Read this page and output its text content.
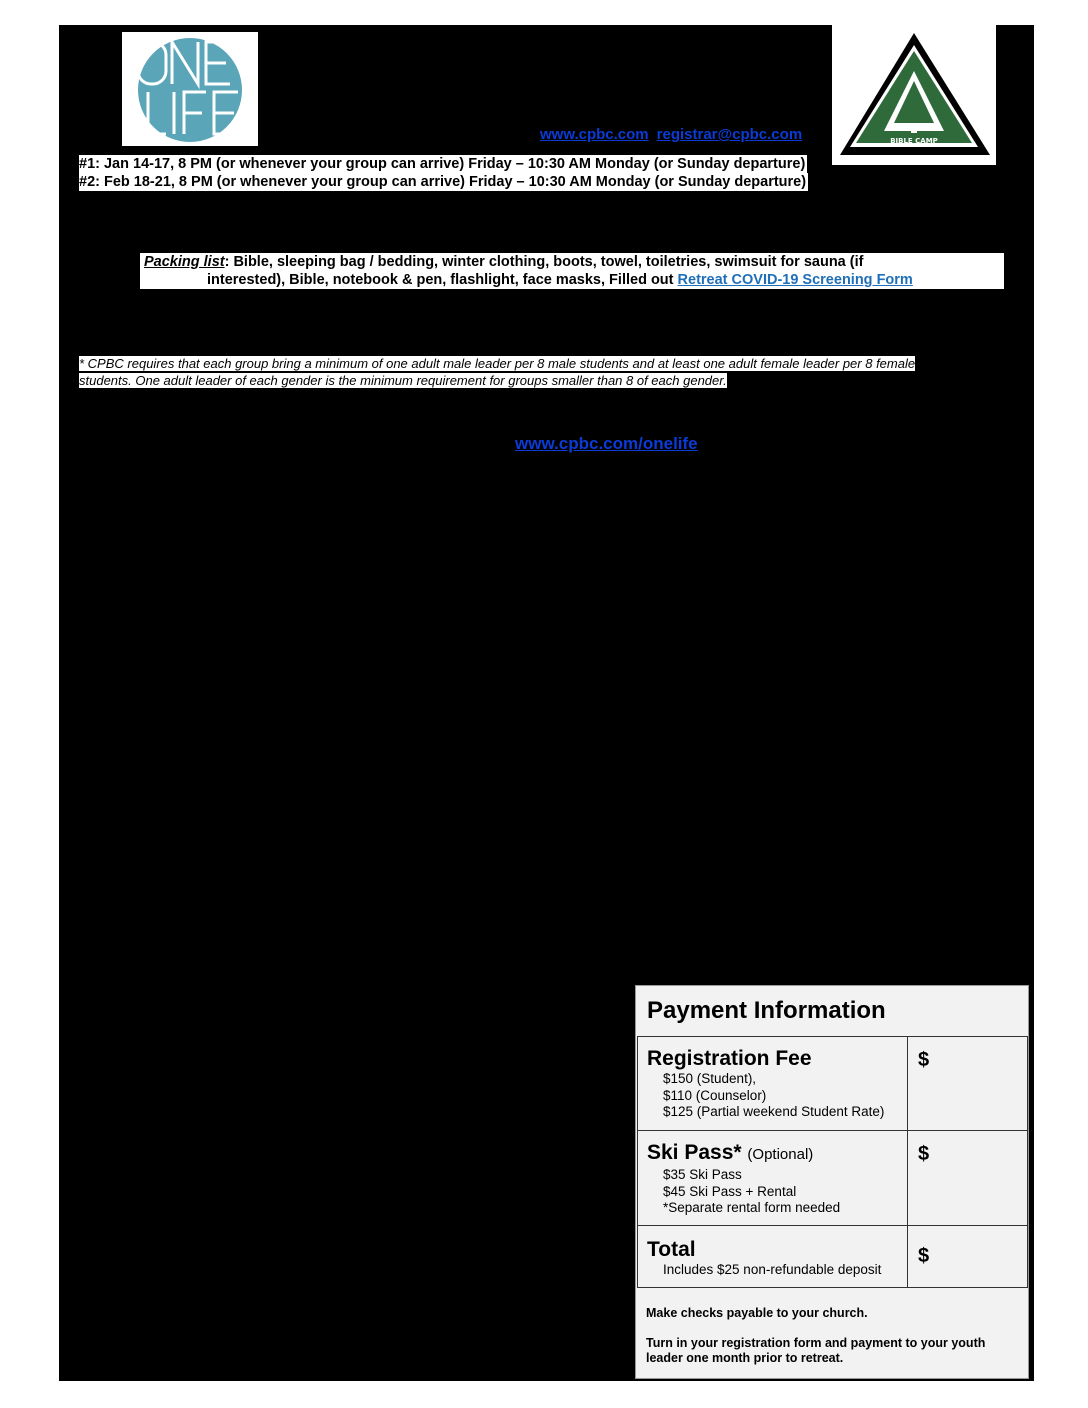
BIBLE CAMP
www.cpbc.com registrar@cpbc.com
#1: Jan 14-17, 8 PM (or whenever your group can arrive) Friday – 10:30 AM Monday (or Sunday departure)
#2: Feb 18-21, 8 PM (or whenever your group can arrive) Friday – 10:30 AM Monday (or Sunday departure)
Packing list: Bible, sleeping bag / bedding, winter clothing, boots, towel, toiletries, swimsuit for sauna (if
interested), Bible, notebook & pen, flashlight, face masks, Filled out Retreat COVID-19 Screening Form
* CPBC requires that each group bring a minimum of one adult male leader per 8 male students and at least one adult female leader per 8 female
students. One adult leader of each gender is the minimum requirement for groups smaller than 8 of each gender.
www.cpbc.com/onelife
Payment Information
Registration Fee
$150 (Student),
$110 (Counselor)
$125 (Partial weekend Student Rate)	$

Ski Pass* (Optional)
$35 Ski Pass
$45 Ski Pass + Rental
*Separate rental form needed	$

Total
Includes $25 non-refundable deposit	$

Make checks payable to your church.

Turn in your registration form and payment to your youth leader one month prior to retreat.
